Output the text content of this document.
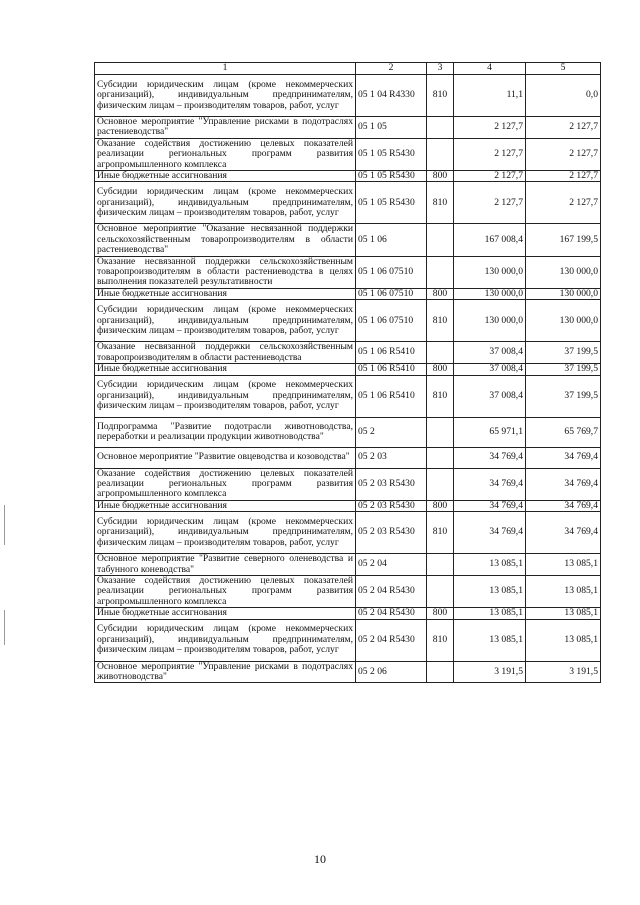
1	2	3	4	5
Субсидии юридическим лицам (кроме некоммерческих организаций), индивидуальным предпринимателям, физическим лицам – производителям товаров, работ, услуг	05 1 04 R4330	810	11,1	0,0
Основное мероприятие "Управление рисками в подотраслях растениеводства"	05 1 05		2 127,7	2 127,7
Оказание содействия достижению целевых показателей реализации региональных программ развития агропромышленного комплекса	05 1 05 R5430		2 127,7	2 127,7
Иные бюджетные ассигнования	05 1 05 R5430	800	2 127,7	2 127,7
Субсидии юридическим лицам (кроме некоммерческих организаций), индивидуальным предпринимателям, физическим лицам – производителям товаров, работ, услуг	05 1 05 R5430	810	2 127,7	2 127,7
Основное мероприятие "Оказание несвязанной поддержки сельскохозяйственным товаропроизводителям в области растениеводства"	05 1 06		167 008,4	167 199,5
Оказание несвязанной поддержки сельскохозяйственным товаропроизводителям в области растениеводства в целях выполнения показателей результативности	05 1 06 07510		130 000,0	130 000,0
Иные бюджетные ассигнования	05 1 06 07510	800	130 000,0	130 000,0
Субсидии юридическим лицам (кроме некоммерческих организаций), индивидуальным предпринимателям, физическим лицам – производителям товаров, работ, услуг	05 1 06 07510	810	130 000,0	130 000,0
Оказание несвязанной поддержки сельскохозяйственным товаропроизводителям в области растениеводства	05 1 06 R5410		37 008,4	37 199,5
Иные бюджетные ассигнования	05 1 06 R5410	800	37 008,4	37 199,5
Субсидии юридическим лицам (кроме некоммерческих организаций), индивидуальным предпринимателям, физическим лицам – производителям товаров, работ, услуг	05 1 06 R5410	810	37 008,4	37 199,5
Подпрограмма "Развитие подотрасли животноводства, переработки и реализации продукции животноводства"	05 2		65 971,1	65 769,7
Основное мероприятие "Развитие овцеводства и козоводства"	05 2 03		34 769,4	34 769,4
Оказание содействия достижению целевых показателей реализации региональных программ развития агропромышленного комплекса	05 2 03 R5430		34 769,4	34 769,4
Иные бюджетные ассигнования	05 2 03 R5430	800	34 769,4	34 769,4
Субсидии юридическим лицам (кроме некоммерческих организаций), индивидуальным предпринимателям, физическим лицам – производителям товаров, работ, услуг	05 2 03 R5430	810	34 769,4	34 769,4
Основное мероприятие "Развитие северного оленеводства и табунного коневодства"	05 2 04		13 085,1	13 085,1
Оказание содействия достижению целевых показателей реализации региональных программ развития агропромышленного комплекса	05 2 04 R5430		13 085,1	13 085,1
Иные бюджетные ассигнования	05 2 04 R5430	800	13 085,1	13 085,1
Субсидии юридическим лицам (кроме некоммерческих организаций), индивидуальным предпринимателям, физическим лицам – производителям товаров, работ, услуг	05 2 04 R5430	810	13 085,1	13 085,1
Основное мероприятие "Управление рисками в подотраслях животноводства"	05 2 06		3 191,5	3 191,5
10
